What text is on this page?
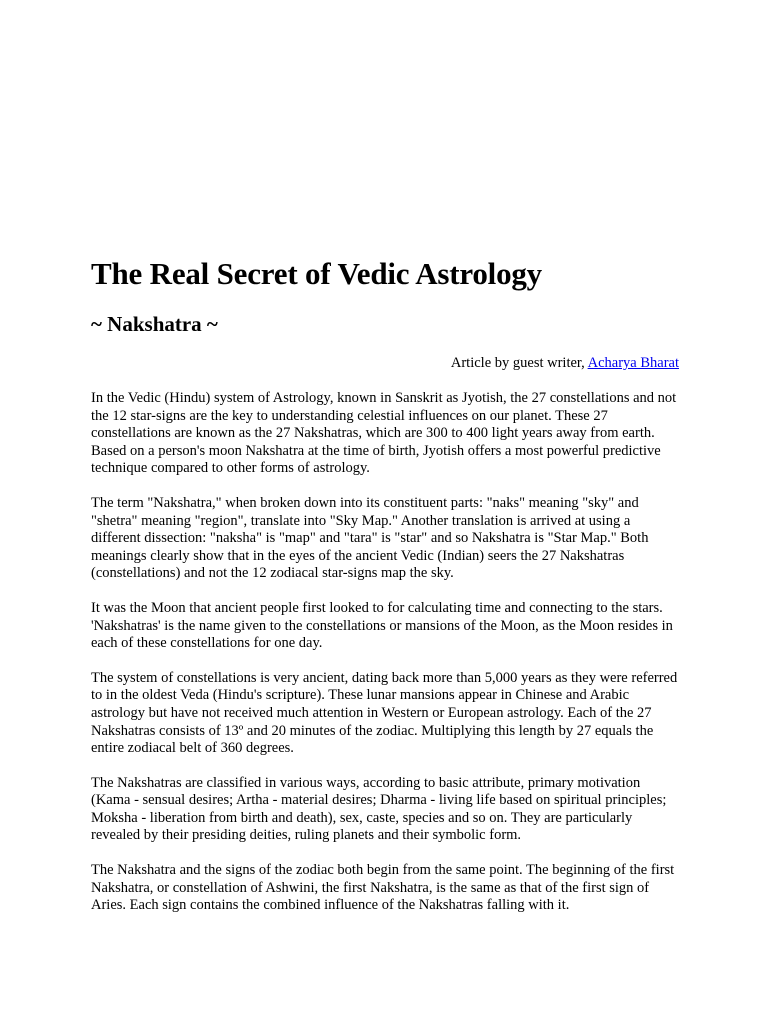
The Real Secret of Vedic Astrology
~ Nakshatra ~

Article by guest writer, Acharya Bharat

In the Vedic (Hindu) system of Astrology, known in Sanskrit as Jyotish, the 27 constellations and not the 12 star-signs are the key to understanding celestial influences on our planet. These 27 constellations are known as the 27 Nakshatras, which are 300 to 400 light years away from earth. Based on a person's moon Nakshatra at the time of birth, Jyotish offers a most powerful predictive technique compared to other forms of astrology.

The term "Nakshatra," when broken down into its constituent parts: "naks" meaning "sky" and "shetra" meaning "region", translate into "Sky Map." Another translation is arrived at using a different dissection: "naksha" is "map" and "tara" is "star" and so Nakshatra is "Star Map." Both meanings clearly show that in the eyes of the ancient Vedic (Indian) seers the 27 Nakshatras (constellations) and not the 12 zodiacal star-signs map the sky.

It was the Moon that ancient people first looked to for calculating time and connecting to the stars. 'Nakshatras' is the name given to the constellations or mansions of the Moon, as the Moon resides in each of these constellations for one day.

The system of constellations is very ancient, dating back more than 5,000 years as they were referred to in the oldest Veda (Hindu's scripture). These lunar mansions appear in Chinese and Arabic astrology but have not received much attention in Western or European astrology. Each of the 27 Nakshatras consists of 13º and 20 minutes of the zodiac. Multiplying this length by 27 equals the entire zodiacal belt of 360 degrees.

The Nakshatras are classified in various ways, according to basic attribute, primary motivation (Kama - sensual desires; Artha - material desires; Dharma - living life based on spiritual principles; Moksha - liberation from birth and death), sex, caste, species and so on. They are particularly revealed by their presiding deities, ruling planets and their symbolic form.

The Nakshatra and the signs of the zodiac both begin from the same point. The beginning of the first Nakshatra, or constellation of Ashwini, the first Nakshatra, is the same as that of the first sign of Aries. Each sign contains the combined influence of the Nakshatras falling with it.
